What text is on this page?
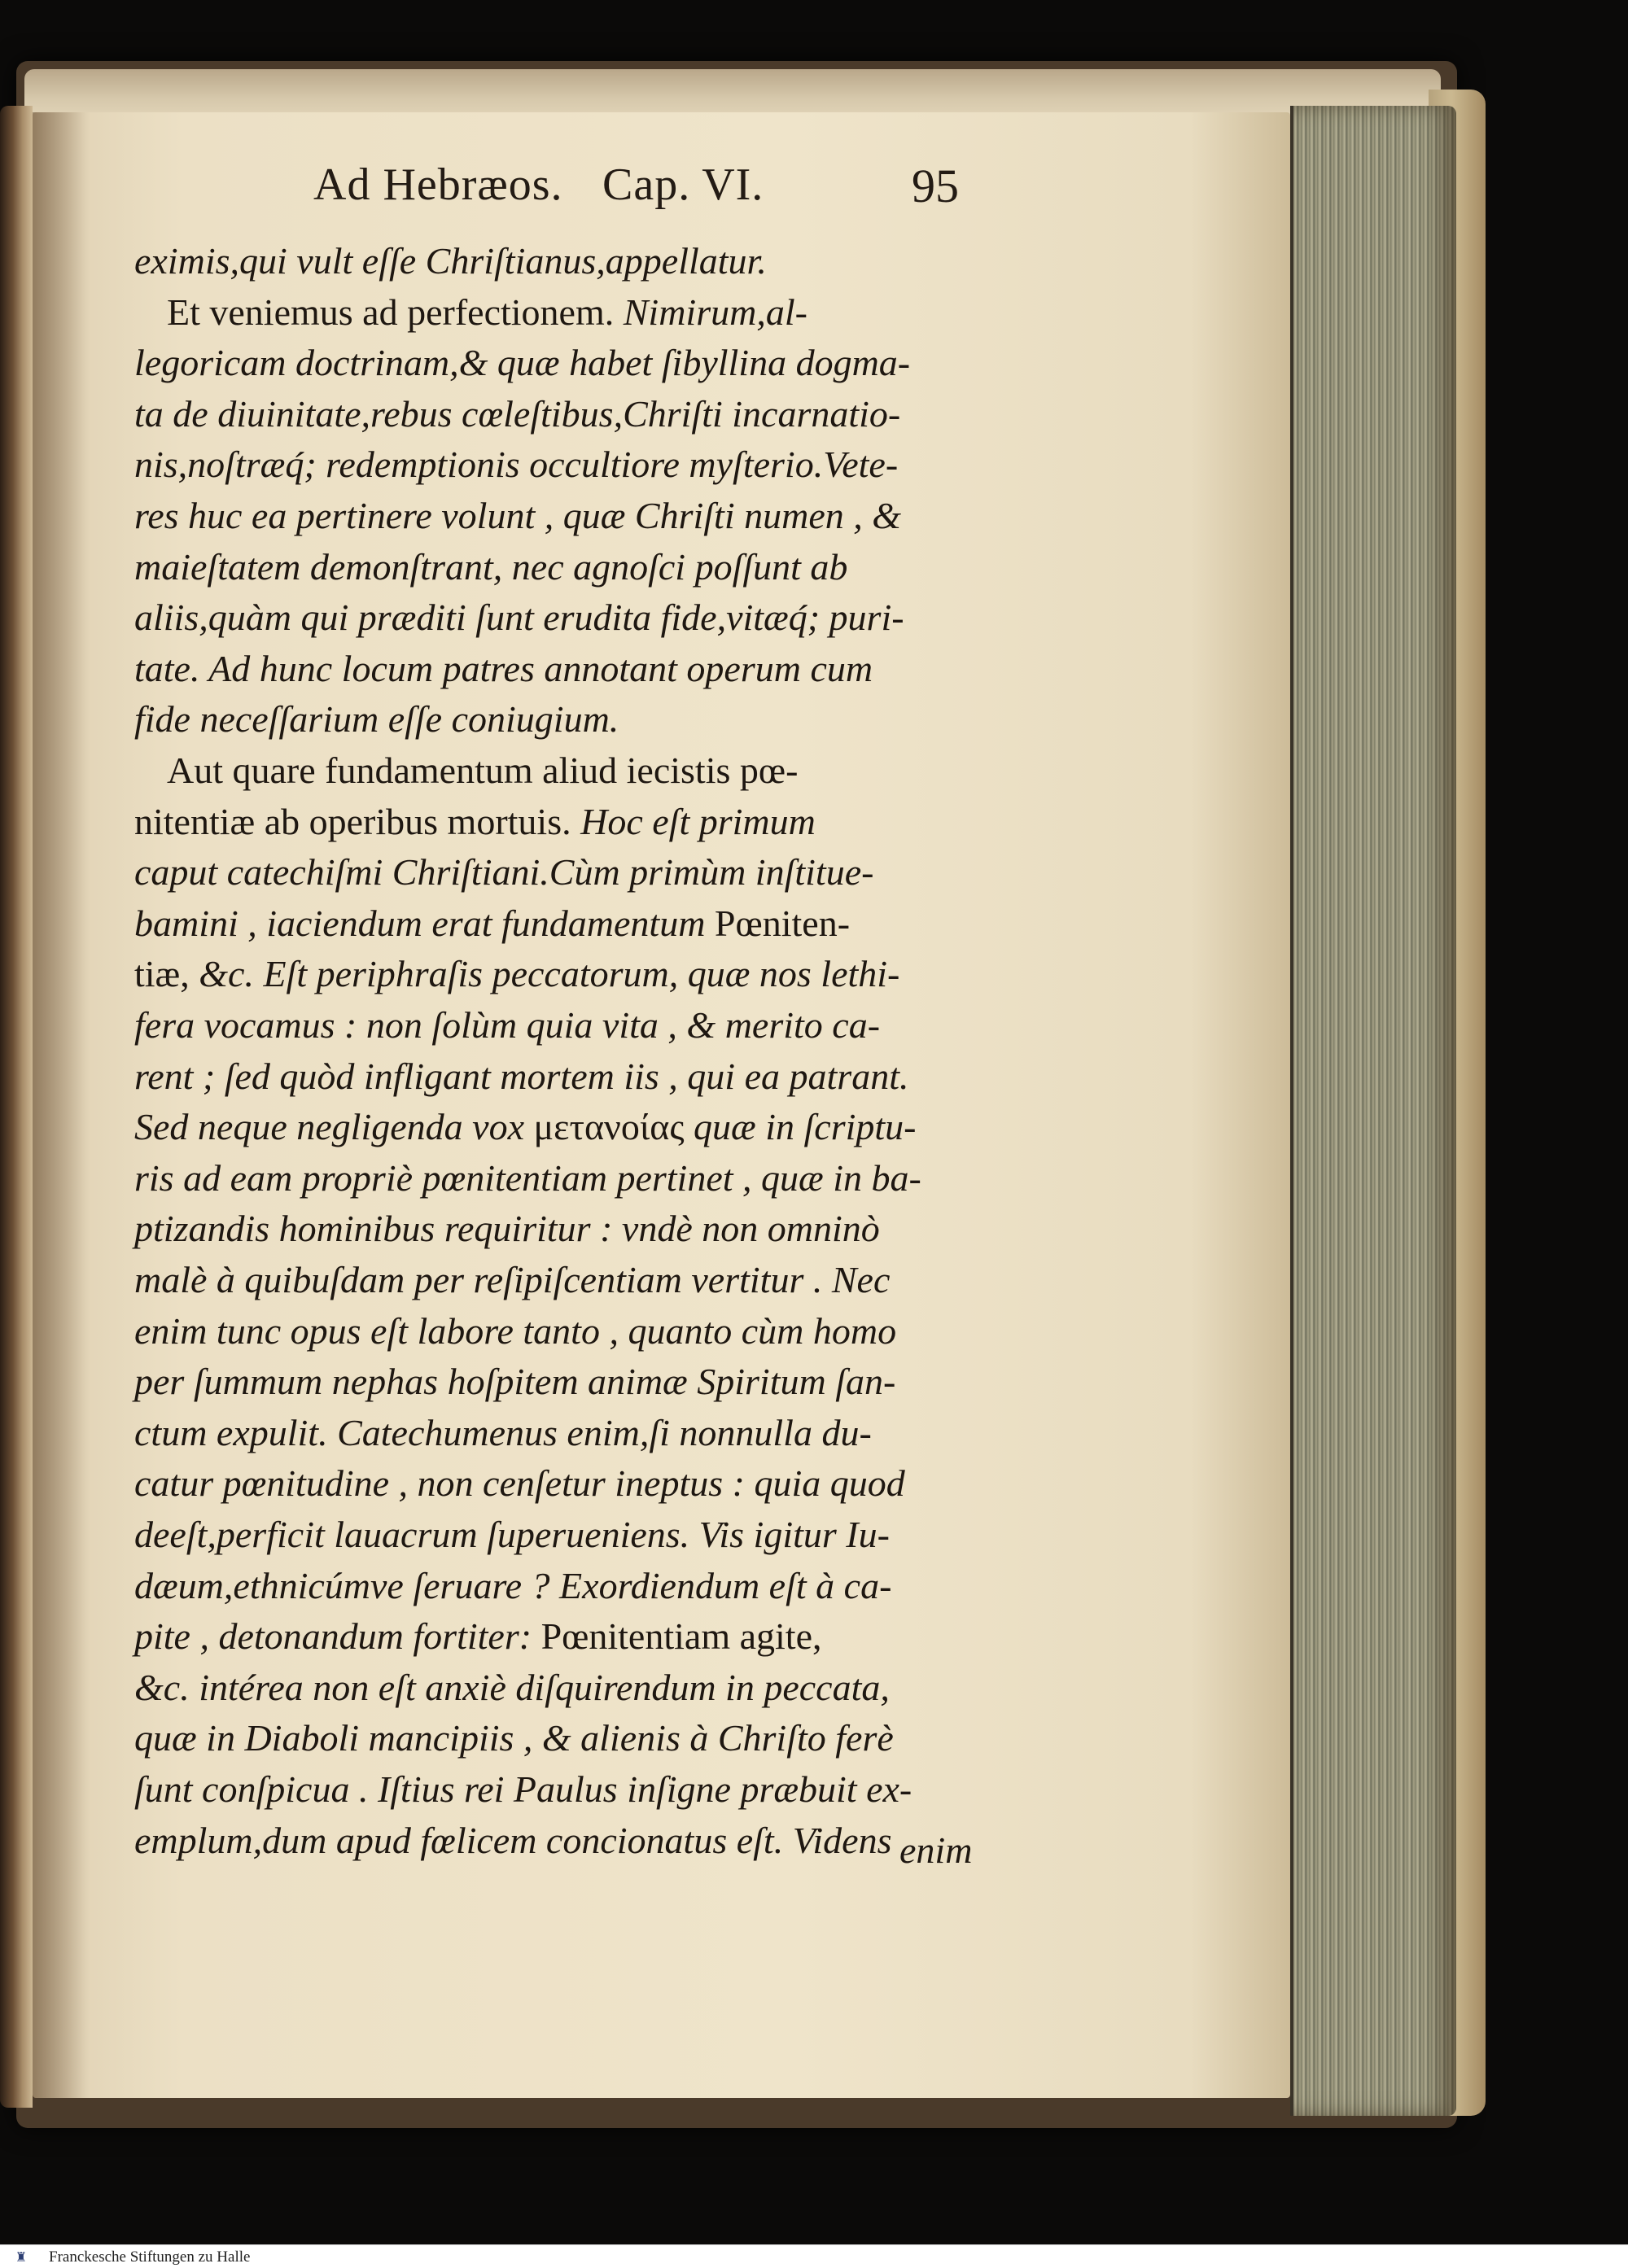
Ad Hebræos. Cap. VI.	95
eximis,qui vult eſſe Chriſtianus,appellatur.
Et veniemus ad perfectionem. Nimirum,al-
legoricam doctrinam,& quæ habet ſibyllina dogma-
ta de diuinitate,rebus cœleſtibus,Chriſti incarnatio-
nis,noſtræq́; redemptionis occultiore myſterio.Vete-
res huc ea pertinere volunt , quæ Chriſti numen , &
maieſtatem demonſtrant, nec agnoſci poſſunt ab
aliis,quàm qui præditi ſunt erudita fide,vitæq́; puri-
tate. Ad hunc locum patres annotant operum cum
fide neceſſarium eſſe coniugium.
Aut quare fundamentum aliud iecistis pœ-
nitentiæ ab operibus mortuis. Hoc eſt primum
caput catechiſmi Chriſtiani.Cùm primùm inſtitue-
bamini , iaciendum erat fundamentum Pœniten-
tiæ, &c. Eſt periphraſis peccatorum, quæ nos lethi-
fera vocamus : non ſolùm quia vita , & merito ca-
rent ; ſed quòd infligant mortem iis , qui ea patrant.
Sed neque negligenda vox μετανοίας quæ in ſcriptu-
ris ad eam propriè pœnitentiam pertinet , quæ in ba-
ptizandis hominibus requiritur : vndè non omninò
malè à quibuſdam per reſipiſcentiam vertitur . Nec
enim tunc opus eſt labore tanto , quanto cùm homo
per ſummum nephas hoſpitem animæ Spiritum ſan-
ctum expulit. Catechumenus enim,ſi nonnulla du-
catur pœnitudine , non cenſetur ineptus : quia quod
deeſt,perficit lauacrum ſuperueniens. Vis igitur Iu-
dæum,ethnicúmve ſeruare ? Exordiendum eſt à ca-
pite , detonandum fortiter: Pœnitentiam agite,
&c. intérea non eſt anxiè diſquirendum in peccata,
quæ in Diaboli mancipiis , & alienis à Chriſto ferè
ſunt conſpicua . Iſtius rei Paulus inſigne præbuit ex-
emplum,dum apud fœlicem concionatus eſt. Videns enim
♜	Franckesche Stiftungen zu Halle
